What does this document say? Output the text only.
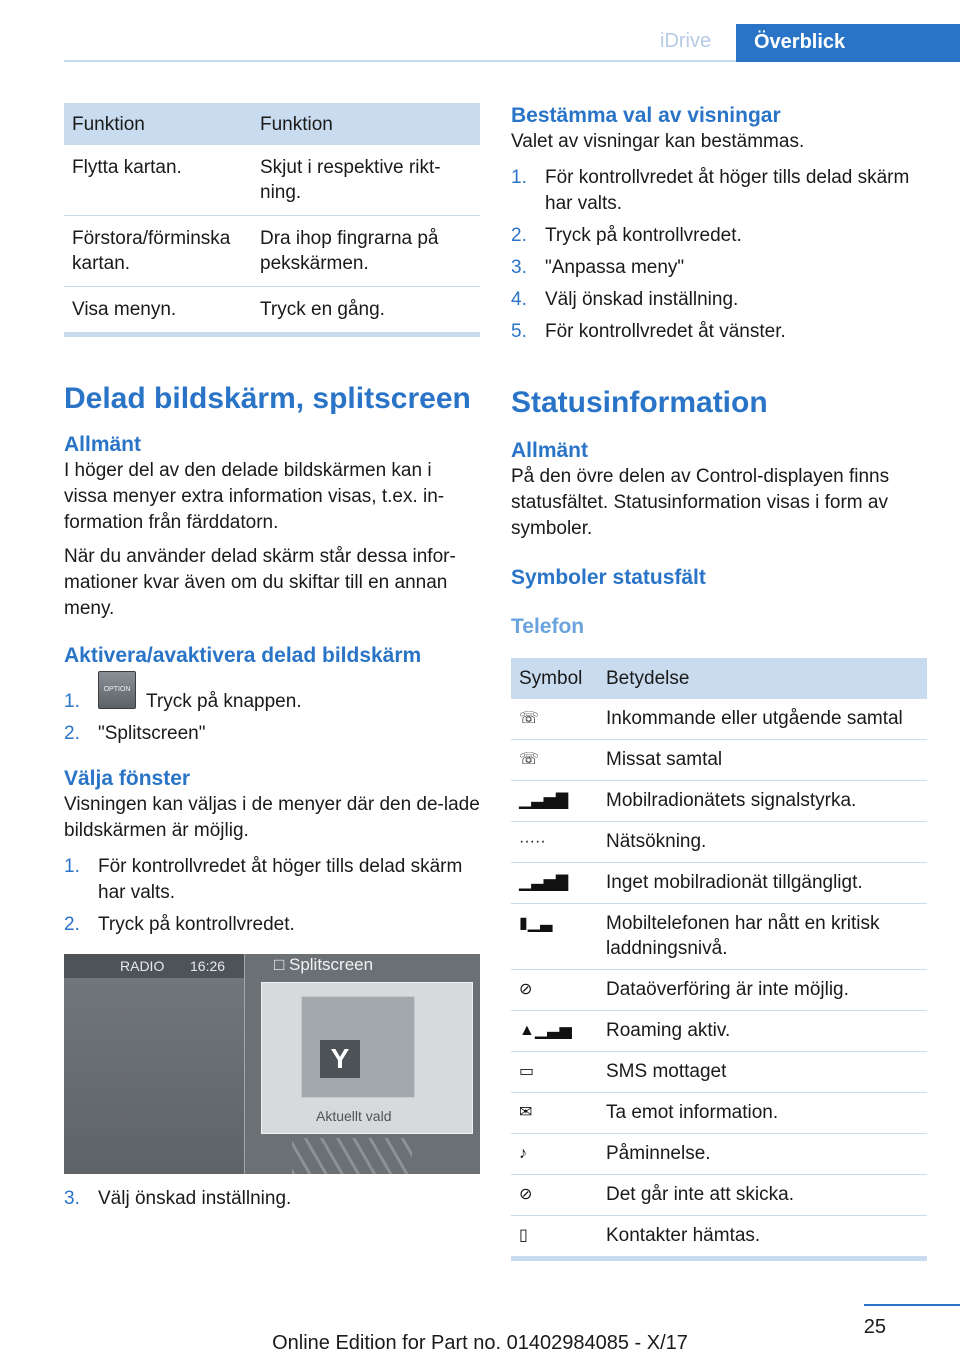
iDrive	Överblick
Funktion	Funktion
Flytta kartan.	Skjut i respektive rikt-ning.
Förstora/förminska kartan.	Dra ihop fingrarna på pekskärmen.
Visa menyn.	Tryck en gång.
Delad bildskärm, splitscreen
Allmänt

I höger del av den delade bildskärmen kan i vissa menyer extra information visas, t.ex. in-formation från färddatorn.

När du använder delad skärm står dessa infor-mationer kvar även om du skiftar till en annan meny.

Aktivera/avaktivera delad bildskärm
1.
OPTION
Tryck på knappen.
2. "Splitscreen"
Välja fönster

Visningen kan väljas i de menyer där den de-lade bildskärmen är möjlig.

1. För kontrollvredet åt höger tills delad skärm har valts.
2. Tryck på kontrollvredet.
RADIO 16:26	□ Splitscreen
Y
Aktuellt vald
3. Välj önskad inställning.
Bestämma val av visningar

Valet av visningar kan bestämmas.

1. För kontrollvredet åt höger tills delad skärm har valts.
2. Tryck på kontrollvredet.
3. "Anpassa meny"
4. Välj önskad inställning.
5. För kontrollvredet åt vänster.
Statusinformation
Allmänt

På den övre delen av Control-displayen finns statusfältet. Statusinformation visas i form av symboler.

Symboler statusfält
Telefon
Symbol	Betydelse
☏	Inkommande eller utgående samtal
☏	Missat samtal
▁▃▅▇	Mobilradionätets signalstyrka.
·····	Nätsökning.
▁▃▅▇	Inget mobilradionät tillgängligt.
▮▁▃	Mobiltelefonen har nått en kritisk laddningsnivå.
⊘	Dataöverföring är inte möjlig.
▲▁▃▅	Roaming aktiv.
▭	SMS mottaget
✉	Ta emot information.
♪	Påminnelse.
⊘	Det går inte att skicka.
▯	Kontakter hämtas.
25
Online Edition for Part no. 01402984085 - X/17
